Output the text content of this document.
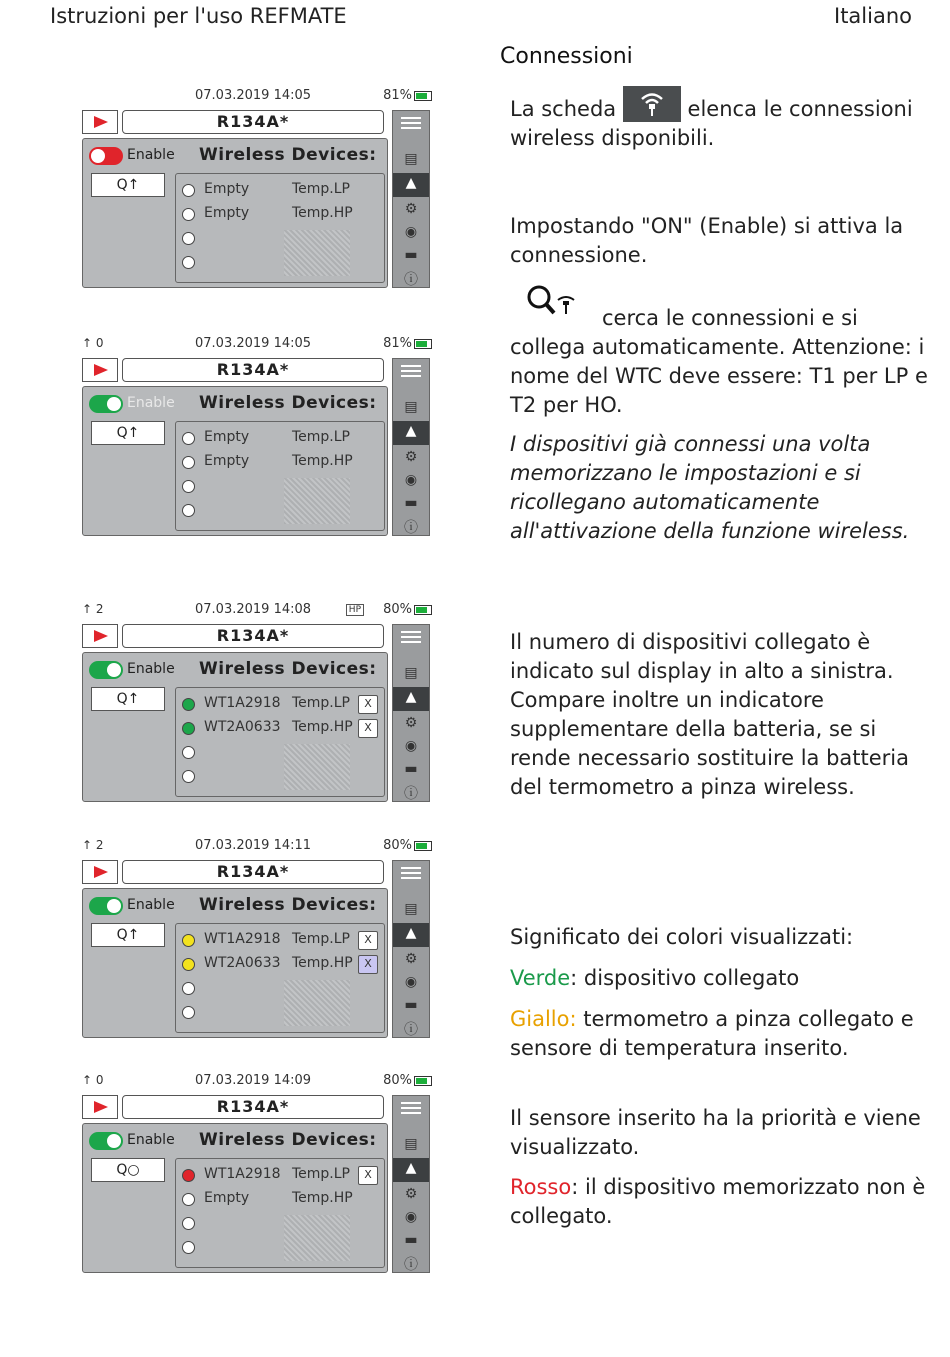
Istruzioni per l'uso REFMATE	Italiano
Connessioni

La scheda	elenca le connessioni wireless disponibili.

Impostando "ON" (Enable) si attiva la connessione.

cerca le connessioni e si collega automaticamente. Attenzione: i nome del WTC deve essere: T1 per LP e T2 per HO.

I dispositivi già connessi una volta memorizzano le impostazioni e si ricollegano automaticamente all'attivazione della funzione wireless.

Il numero di dispositivi collegato è indicato sul display in alto a sinistra. Compare inoltre un indicatore supplementare della batteria, se si rende necessario sostituire la batteria del termometro a pinza wireless.

Significato dei colori visualizzati:

Verde: dispositivo collegato

Giallo: termometro a pinza collegato e sensore di temperatura inserito.

Il sensore inserito ha la priorità e viene visualizzato.

Rosso: il dispositivo memorizzato non è collegato.

07.03.2019 14:05	81%
R134A*
▤
▲
⚙
◉
▬
ⓘ
Enable Wireless Devices:
Q↑	Empty	Temp.LP
Empty	Temp.HP
↑ 0	07.03.2019 14:05	81%
R134A*
▤
▲
⚙
◉
▬
ⓘ
Enable Wireless Devices:
Q↑	Empty	Temp.LP
Empty	Temp.HP
↑ 2	07.03.2019 14:08	HP 80%
R134A*
▤
▲
⚙
◉
▬
ⓘ
Enable Wireless Devices:
Q↑	WT1A2918 Temp.LP	X
WT2A0633 Temp.HP	X
↑ 2	07.03.2019 14:11	80%
R134A*
▤
▲
⚙
◉
▬
ⓘ
Enable Wireless Devices:
Q↑	WT1A2918 Temp.LP	X
WT2A0633 Temp.HP	X
↑ 0	07.03.2019 14:09	80%
R134A*
▤
▲
⚙
◉
▬
ⓘ
Enable Wireless Devices:
Q○	WT1A2918 Temp.LP	X
Empty	Temp.HP
